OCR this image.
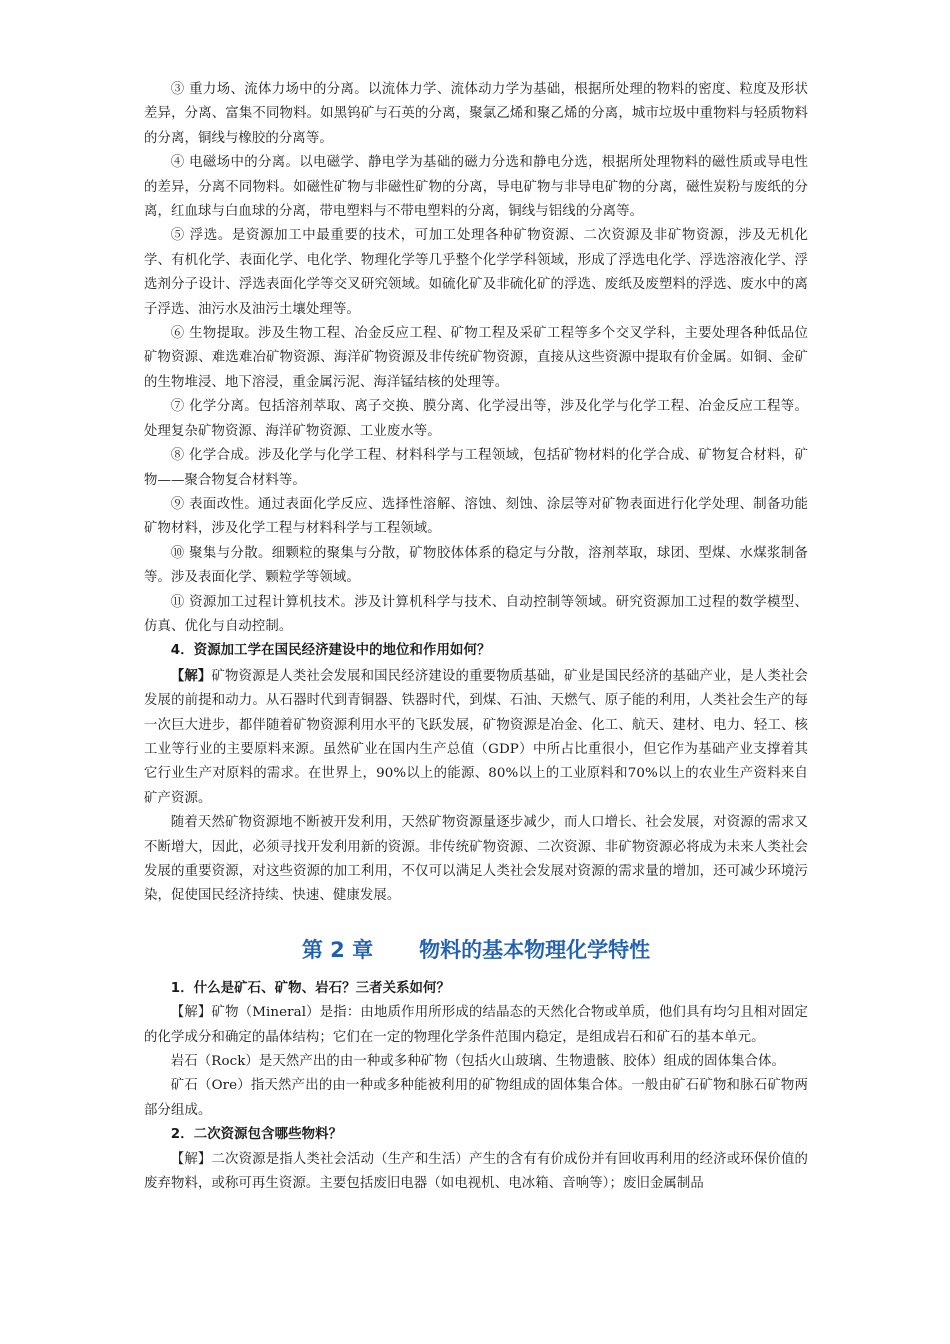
③ 重力场、流体力场中的分离。以流体力学、流体动力学为基础，根据所处理的物料的密度、粒度及形状差异，分离、富集不同物料。如黑钨矿与石英的分离，聚氯乙烯和聚乙烯的分离，城市垃圾中重物料与轻质物料的分离，铜线与橡胶的分离等。

④ 电磁场中的分离。以电磁学、静电学为基础的磁力分选和静电分选，根据所处理物料的磁性质或导电性的差异，分离不同物料。如磁性矿物与非磁性矿物的分离，导电矿物与非导电矿物的分离，磁性炭粉与废纸的分离，红血球与白血球的分离，带电塑料与不带电塑料的分离，铜线与铝线的分离等。

⑤ 浮选。是资源加工中最重要的技术，可加工处理各种矿物资源、二次资源及非矿物资源，涉及无机化学、有机化学、表面化学、电化学、物理化学等几乎整个化学学科领域，形成了浮选电化学、浮选溶液化学、浮选剂分子设计、浮选表面化学等交叉研究领域。如硫化矿及非硫化矿的浮选、废纸及废塑料的浮选、废水中的离子浮选、油污水及油污土壤处理等。

⑥ 生物提取。涉及生物工程、冶金反应工程、矿物工程及采矿工程等多个交叉学科，主要处理各种低品位矿物资源、难选难冶矿物资源、海洋矿物资源及非传统矿物资源，直接从这些资源中提取有价金属。如铜、金矿的生物堆浸、地下溶浸，重金属污泥、海洋锰结核的处理等。

⑦ 化学分离。包括溶剂萃取、离子交换、膜分离、化学浸出等，涉及化学与化学工程、冶金反应工程等。处理复杂矿物资源、海洋矿物资源、工业废水等。

⑧ 化学合成。涉及化学与化学工程、材料科学与工程领域，包括矿物材料的化学合成、矿物复合材料，矿物——聚合物复合材料等。

⑨ 表面改性。通过表面化学反应、选择性溶解、溶蚀、刻蚀、涂层等对矿物表面进行化学处理、制备功能矿物材料，涉及化学工程与材料科学与工程领域。

⑩ 聚集与分散。细颗粒的聚集与分散，矿物胶体体系的稳定与分散，溶剂萃取，球团、型煤、水煤浆制备等。涉及表面化学、颗粒学等领域。

⑪ 资源加工过程计算机技术。涉及计算机科学与技术、自动控制等领域。研究资源加工过程的数学模型、仿真、优化与自动控制。

4．资源加工学在国民经济建设中的地位和作用如何？

【解】矿物资源是人类社会发展和国民经济建设的重要物质基础，矿业是国民经济的基础产业，是人类社会发展的前提和动力。从石器时代到青铜器、铁器时代，到煤、石油、天燃气、原子能的利用，人类社会生产的每一次巨大进步，都伴随着矿物资源利用水平的飞跃发展，矿物资源是冶金、化工、航天、建材、电力、轻工、核工业等行业的主要原料来源。虽然矿业在国内生产总值（GDP）中所占比重很小，但它作为基础产业支撑着其它行业生产对原料的需求。在世界上，90%以上的能源、80%以上的工业原料和70%以上的农业生产资料来自矿产资源。

随着天然矿物资源地不断被开发利用，天然矿物资源量逐步减少，而人口增长、社会发展，对资源的需求又不断增大，因此，必须寻找开发利用新的资源。非传统矿物资源、二次资源、非矿物资源必将成为未来人类社会发展的重要资源，对这些资源的加工利用，不仅可以满足人类社会发展对资源的需求量的增加，还可减少环境污染，促使国民经济持续、快速、健康发展。

第 2 章 物料的基本物理化学特性

1．什么是矿石、矿物、岩石？三者关系如何？

【解】矿物（Mineral）是指：由地质作用所形成的结晶态的天然化合物或单质，他们具有均匀且相对固定的化学成分和确定的晶体结构；它们在一定的物理化学条件范围内稳定，是组成岩石和矿石的基本单元。

岩石（Rock）是天然产出的由一种或多种矿物（包括火山玻璃、生物遗骸、胶体）组成的固体集合体。

矿石（Ore）指天然产出的由一种或多种能被利用的矿物组成的固体集合体。一般由矿石矿物和脉石矿物两部分组成。

2．二次资源包含哪些物料？

【解】二次资源是指人类社会活动（生产和生活）产生的含有有价成份并有回收再利用的经济或环保价值的废弃物料，或称可再生资源。主要包括废旧电器（如电视机、电冰箱、音响等）；废旧金属制品
